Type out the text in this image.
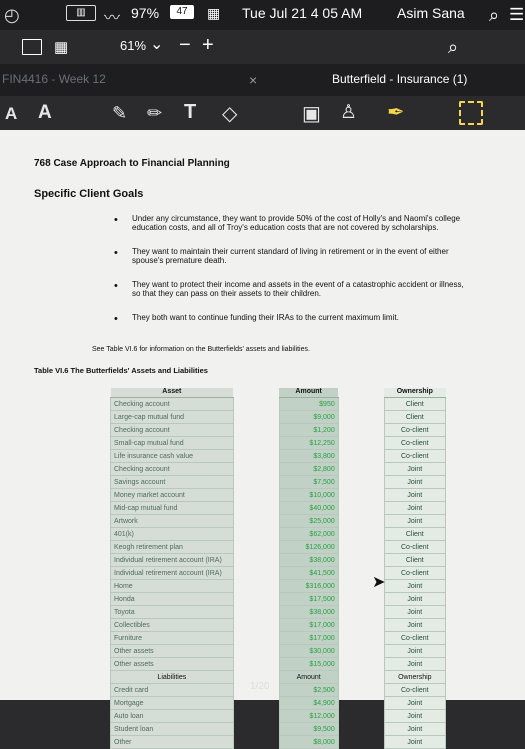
◴	▥	〰 97%	47	▦ Tue Jul 21 4 05 AM Asim Sana ⌕ ☰
▦	61% ⌄ − +	⌕
FIN4416 - Week 12	×	Butterfield - Insurance (1)
A A	✎ ✏ T ◇	▣ ♙ ✒
768 Case Approach to Financial Planning
Specific Client Goals
• Under any circumstance, they want to provide 50% of the cost of Holly's and Naomi's college education costs, and all of Troy's education costs that are not covered by scholarships.
• They want to maintain their current standard of living in retirement or in the event of either spouse's premature death.
• They want to protect their income and assets in the event of a catastrophic accident or illness, so that they can pass on their assets to their children.
• They both want to continue funding their IRAs to the current maximum limit.
See Table VI.6 for information on the Butterfields' assets and liabilities.
Table VI.6 The Butterfields' Assets and Liabilities
Asset		Amount		Ownership
Checking account		$950		Client
Large-cap mutual fund		$9,000		Client
Checking account		$1,200		Co-client
Small-cap mutual fund		$12,250		Co-client
Life insurance cash value		$3,800		Co-client
Checking account		$2,800		Joint
Savings account		$7,500		Joint
Money market account		$10,000		Joint
Mid-cap mutual fund		$40,000		Joint
Artwork		$25,000		Joint
401(k)		$62,000		Client
Keogh retirement plan		$126,000		Co-client
Individual retirement account (IRA)		$38,000		Client
Individual retirement account (IRA)		$41,500		Co-client
Home		$316,000		Joint
Honda		$17,500		Joint
Toyota		$38,000		Joint
Collectibles		$17,000		Joint
Furniture		$17,000		Co-client
Other assets		$30,000		Joint
Other assets		$15,000		Joint
Liabilities		Amount		Ownership
Credit card		$2,500		Co-client
Mortgage		$4,900		Joint
Auto loan		$12,000		Joint
Student loan		$9,500		Joint
Other		$8,000		Joint
➤
1/20
